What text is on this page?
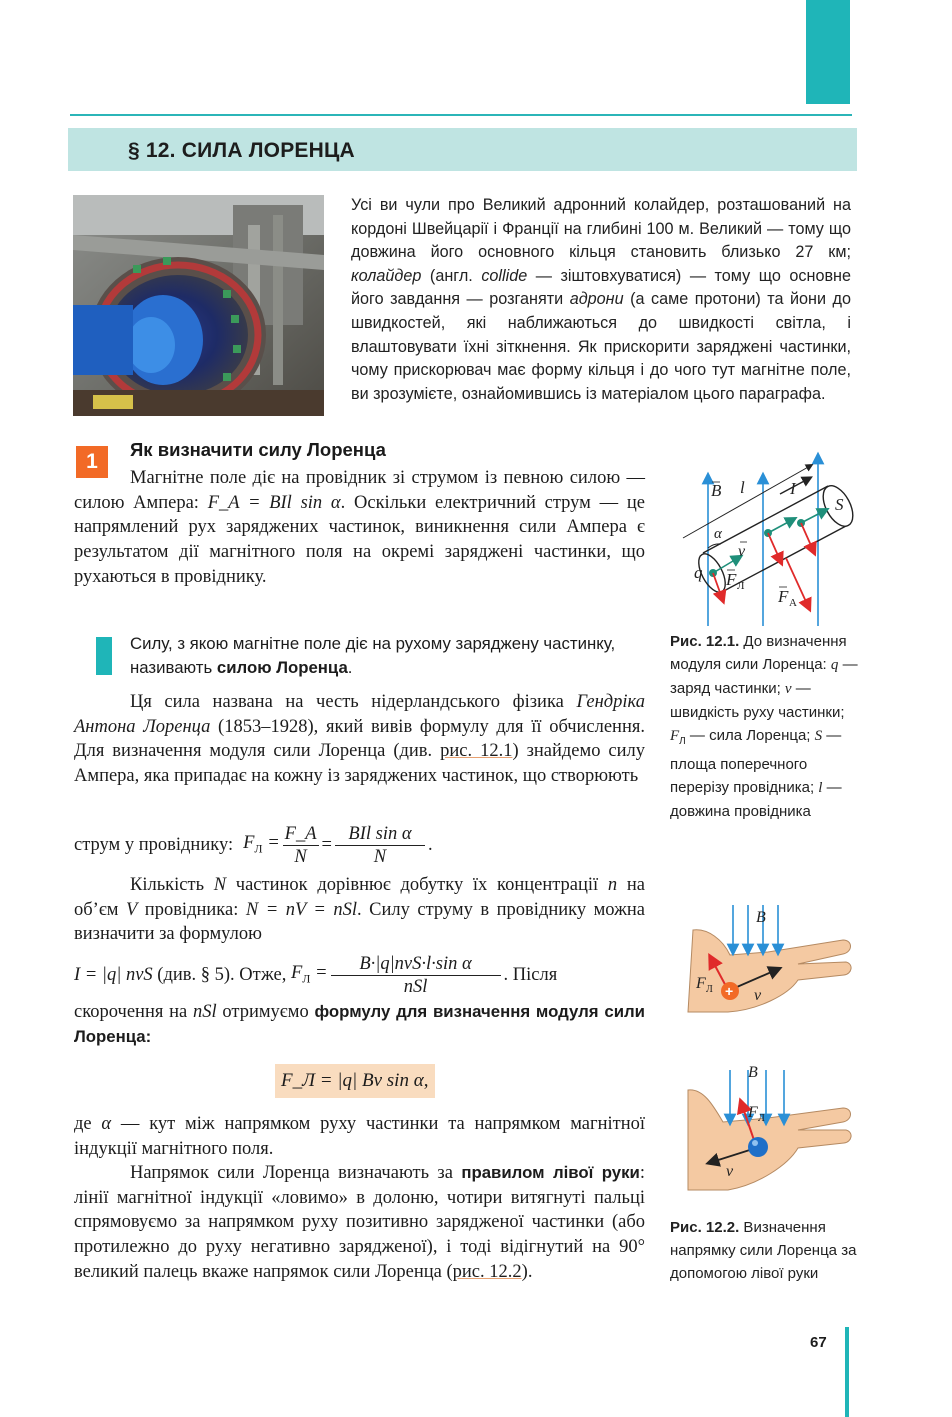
§ 12. СИЛА ЛОРЕНЦА
Усі ви чули про Великий адронний колайдер, розташований на кордоні Швейцарії і Франції на глибині 100 м. Великий — тому що довжина його основного кільця становить близько 27 км; колайдер (англ. collide — зіштовхуватися) — тому що основне його завдання — розганяти адрони (а саме протони) та йони до швидкостей, які наближаються до швидкості світла, і влаштовувати їхні зіткнення. Як прискорити заряджені частинки, чому прискорювач має форму кільця і до чого тут магнітне поле, ви зрозумієте, ознайомившись із матеріалом цього параграфа.
1
Як визначити силу Лоренца
Магнітне поле діє на провідник зі струмом із певною силою — силою Ампера: F_A = BIl sin α. Оскільки електричний струм — це напрямлений рух заряджених частинок, виникнення сили Ампера є результатом дії магнітного поля на окремі заряджені частинки, що рухаються в провіднику.
Силу, з якою магнітне поле діє на рухому заряджену частинку, називають силою Лоренца.
Ця сила названа на честь нідерландського фізика Гендріка Антона Лоренца (1853–1928), який вивів формулу для її обчислення. Для визначення модуля сили Лоренца (див. рис. 12.1) знайдемо силу Ампера, яка припадає на кожну із заряджених частинок, що створюють
струм у провіднику: $F_Л = \frac{F\_A}{N} = \frac{\text{BIl sin α}}{N}$ .
Кількість N частинок дорівнює добутку їх концентрації n на об’єм V провідника: N = nV = nSl. Силу струму в провіднику можна визначити за формулою
I = |q| nvS (див. § 5). Отже, $F_Л = \frac{\text{B·|q|nvS·l·sin α}}{\text{nSl}}$ . Після
скорочення на nSl отримуємо формулу для визначення модуля сили Лоренца:
F_Л = |q| Bv sin α,
де α — кут між напрямком руху частинки та напрямком магнітної індукції магнітного поля.
Напрямок сили Лоренца визначають за правилом лівої руки: лінії магнітної індукції «ловимо» в долоню, чотири витягнуті пальці спрямовуємо за напрямком руху позитивно зарядженої частинки (або протилежно до руху негативно зарядженої), і тоді відігнутий на 90° великий палець вкаже напрямок сили Лоренца (рис. 12.2).
B l	I
S
α
q
v
F
F
Л
A
Рис. 12.1. До визначення модуля сили Лоренца: q — заряд частинки; v — швидкість руху частинки; $F_Л$ — сила Лоренца; S — площа поперечного перерізу провідника; l — довжина провідника
+
B
F
v
Л
B
F
v
Л
Рис. 12.2. Визначення напрямку сили Лоренца за допомогою лівої руки
67
